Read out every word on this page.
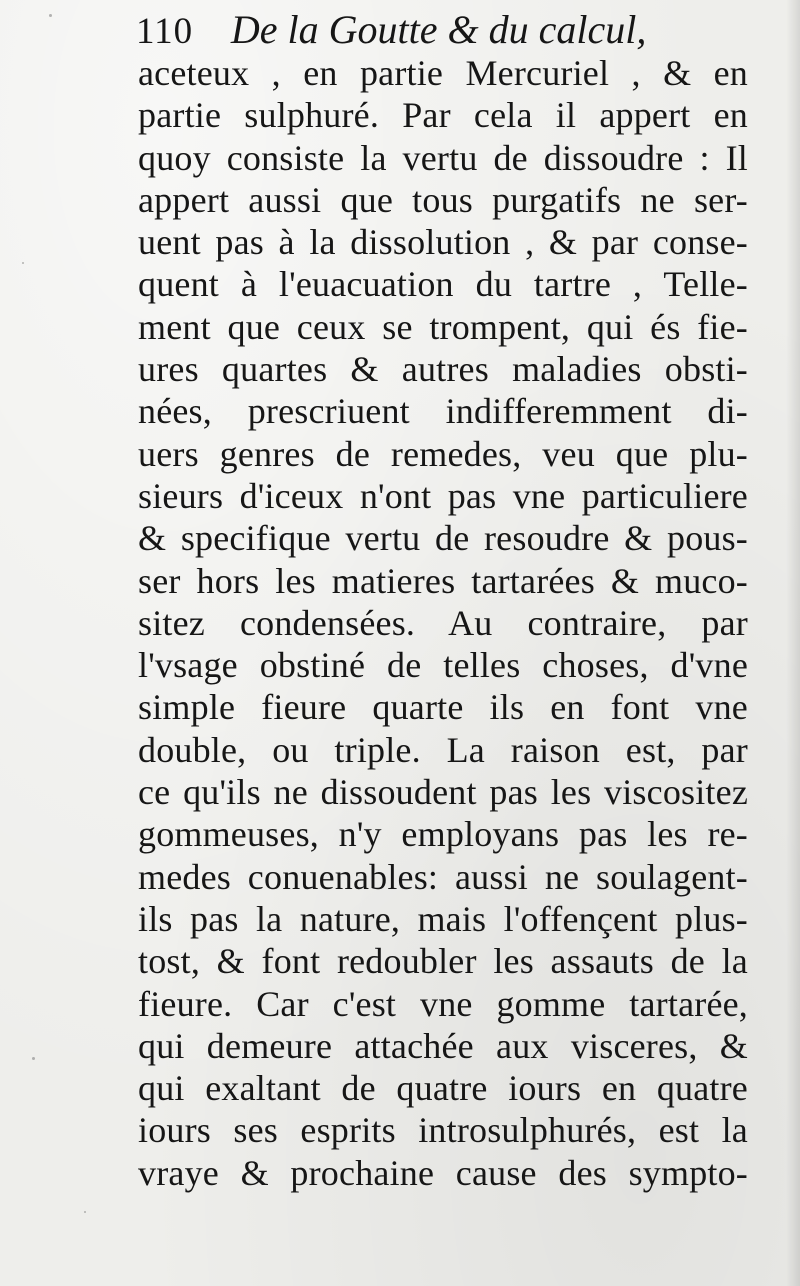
110 De la Goutte & du calcul,
aceteux , en partie Mercuriel , & en
partie sulphuré. Par cela il appert en
quoy consiste la vertu de dissoudre : Il
appert aussi que tous purgatifs ne ser-
uent pas à la dissolution , & par conse-
quent à l'euacuation du tartre , Telle-
ment que ceux se trompent, qui és fie-
ures quartes & autres maladies obsti-
nées, prescriuent indifferemment di-
uers genres de remedes, veu que plu-
sieurs d'iceux n'ont pas vne particuliere
& specifique vertu de resoudre & pous-
ser hors les matieres tartarées & muco-
sitez condensées. Au contraire, par
l'vsage obstiné de telles choses, d'vne
simple fieure quarte ils en font vne
double, ou triple. La raison est, par
ce qu'ils ne dissoudent pas les viscositez
gommeuses, n'y employans pas les re-
medes conuenables: aussi ne soulagent-
ils pas la nature, mais l'offençent plus-
tost, & font redoubler les assauts de la
fieure. Car c'est vne gomme tartarée,
qui demeure attachée aux visceres, &
qui exaltant de quatre iours en quatre
iours ses esprits introsulphurés, est la
vraye & prochaine cause des sympto-
